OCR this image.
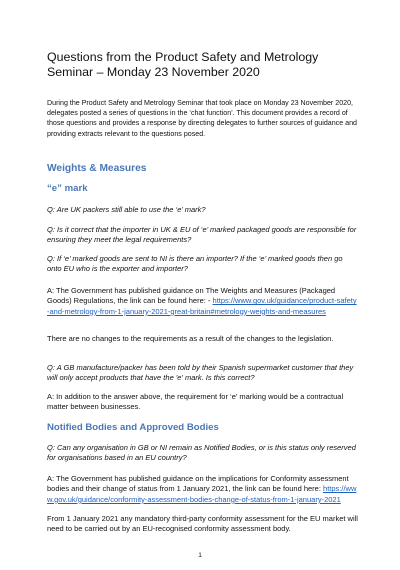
Questions from the Product Safety and Metrology Seminar – Monday 23 November 2020

During the Product Safety and Metrology Seminar that took place on Monday 23 November 2020, delegates posted a series of questions in the ‘chat function’. This document provides a record of those questions and provides a response by directing delegates to further sources of guidance and providing extracts relevant to the questions posed.

Weights & Measures
“e” mark

Q: Are UK packers still able to use the ‘e’ mark?

Q: Is it correct that the importer in UK & EU of ‘e’ marked packaged goods are responsible for ensuring they meet the legal requirements?

Q: If ‘e’ marked goods are sent to NI is there an importer? If the ‘e’ marked goods then go onto EU who is the exporter and importer?

A: The Government has published guidance on The Weights and Measures (Packaged Goods) Regulations, the link can be found here: - https://www.gov.uk/guidance/product-safety-and-metrology-from-1-january-2021-great-britain#metrology-weights-and-measures

There are no changes to the requirements as a result of the changes to the legislation.

Q: A GB manufacture/packer has been told by their Spanish supermarket customer that they will only accept products that have the 'e' mark. Is this correct?

A: In addition to the answer above, the requirement for ‘e’ marking would be a contractual matter between businesses.

Notified Bodies and Approved Bodies

Q: Can any organisation in GB or NI remain as Notified Bodies, or is this status only reserved for organisations based in an EU country?

A: The Government has published guidance on the implications for Conformity assessment bodies and their change of status from 1 January 2021, the link can be found here: https://www.gov.uk/guidance/conformity-assessment-bodies-change-of-status-from-1-january-2021

From 1 January 2021 any mandatory third-party conformity assessment for the EU market will need to be carried out by an EU-recognised conformity assessment body.

1
